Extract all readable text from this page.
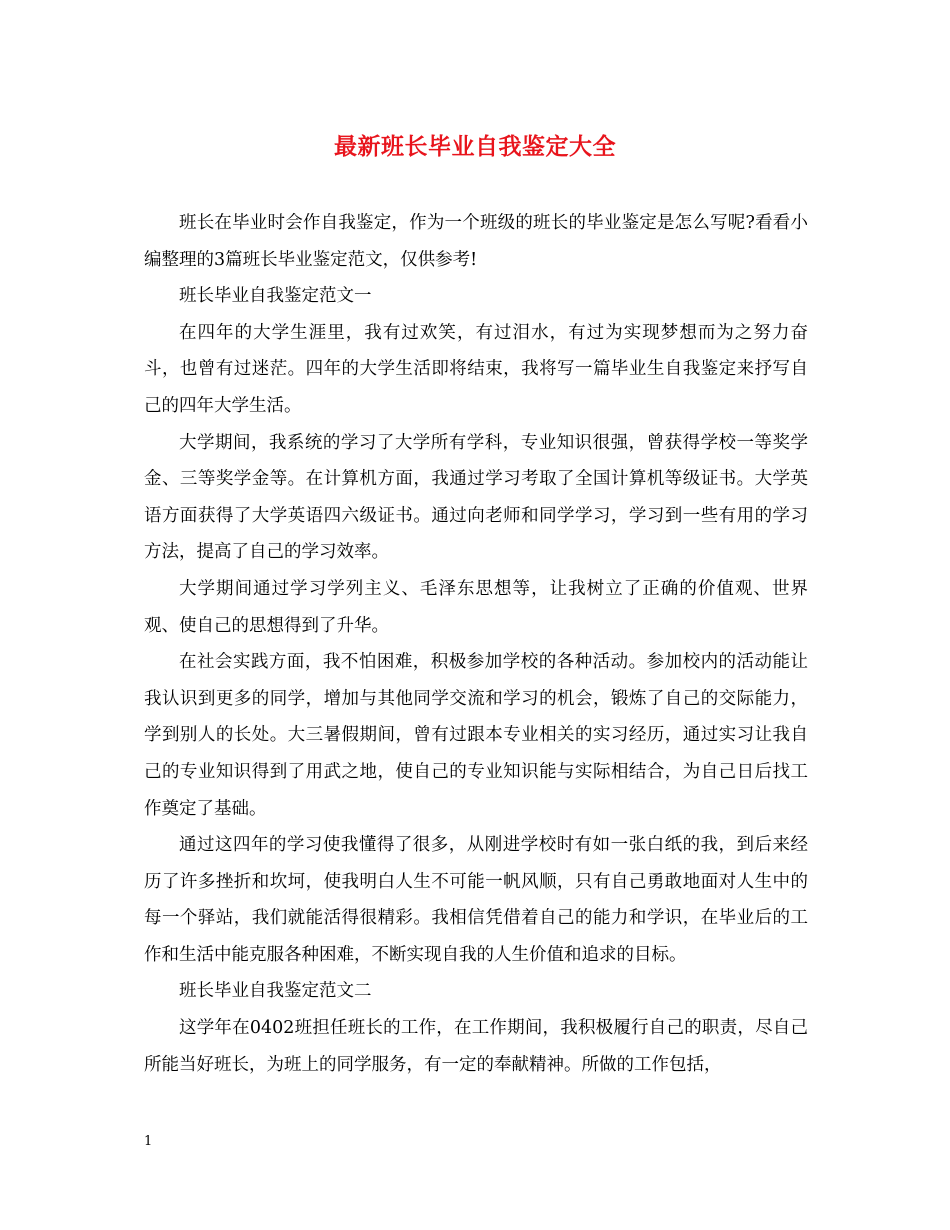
最新班长毕业自我鉴定大全

班长在毕业时会作自我鉴定，作为一个班级的班长的毕业鉴定是怎么写呢?看看小编整理的3篇班长毕业鉴定范文，仅供参考!

班长毕业自我鉴定范文一

在四年的大学生涯里，我有过欢笑，有过泪水，有过为实现梦想而为之努力奋斗，也曾有过迷茫。四年的大学生活即将结束，我将写一篇毕业生自我鉴定来抒写自己的四年大学生活。

大学期间，我系统的学习了大学所有学科，专业知识很强，曾获得学校一等奖学金、三等奖学金等。在计算机方面，我通过学习考取了全国计算机等级证书。大学英语方面获得了大学英语四六级证书。通过向老师和同学学习，学习到一些有用的学习方法，提高了自己的学习效率。

大学期间通过学习学列主义、毛泽东思想等，让我树立了正确的价值观、世界观、使自己的思想得到了升华。

在社会实践方面，我不怕困难，积极参加学校的各种活动。参加校内的活动能让我认识到更多的同学，增加与其他同学交流和学习的机会，锻炼了自己的交际能力，学到别人的长处。大三暑假期间，曾有过跟本专业相关的实习经历，通过实习让我自己的专业知识得到了用武之地，使自己的专业知识能与实际相结合，为自己日后找工作奠定了基础。

通过这四年的学习使我懂得了很多，从刚进学校时有如一张白纸的我，到后来经历了许多挫折和坎坷，使我明白人生不可能一帆风顺，只有自己勇敢地面对人生中的每一个驿站，我们就能活得很精彩。我相信凭借着自己的能力和学识，在毕业后的工作和生活中能克服各种困难，不断实现自我的人生价值和追求的目标。

班长毕业自我鉴定范文二

这学年在0402班担任班长的工作，在工作期间，我积极履行自己的职责，尽自己所能当好班长，为班上的同学服务，有一定的奉献精神。所做的工作包括，

1
